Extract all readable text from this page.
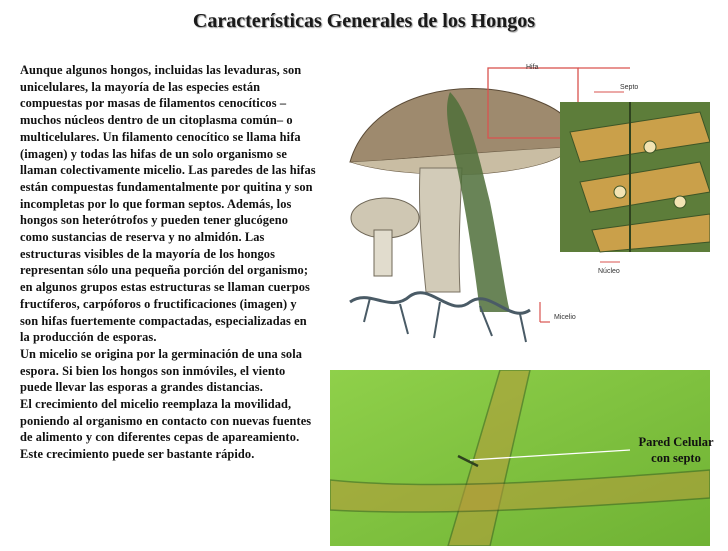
Características Generales de los Hongos

Aunque algunos hongos, incluidas las levaduras, son unicelulares, la mayoría de las especies están compuestas por masas de filamentos cenocíticos –muchos núcleos dentro de un citoplasma común– o multicelulares. Un filamento cenocítico se llama hifa (imagen) y todas las hifas de un solo organismo se llaman colectivamente micelio. Las paredes de las hifas están compuestas fundamentalmente por quitina y son incompletas por lo que forman septos. Además, los hongos son heterótrofos y pueden tener glucógeno como sustancias de reserva y no almidón. Las estructuras visibles de la mayoría de los hongos representan sólo una pequeña porción del organismo; en algunos grupos estas estructuras se llaman cuerpos fructíferos, carpóforos o fructificaciones (imagen) y son hifas fuertemente compactadas, especializadas en la producción de esporas.

Un micelio se origina por la germinación de una sola espora. Si bien los hongos son inmóviles, el viento puede llevar las esporas a grandes distancias.

El crecimiento del micelio reemplaza la movilidad, poniendo al organismo en contacto con nuevas fuentes de alimento y con diferentes cepas de apareamiento. Este crecimiento puede ser bastante rápido.

Hifa
Septo
Núcleo
Micelio
Pared Celular
con septo
